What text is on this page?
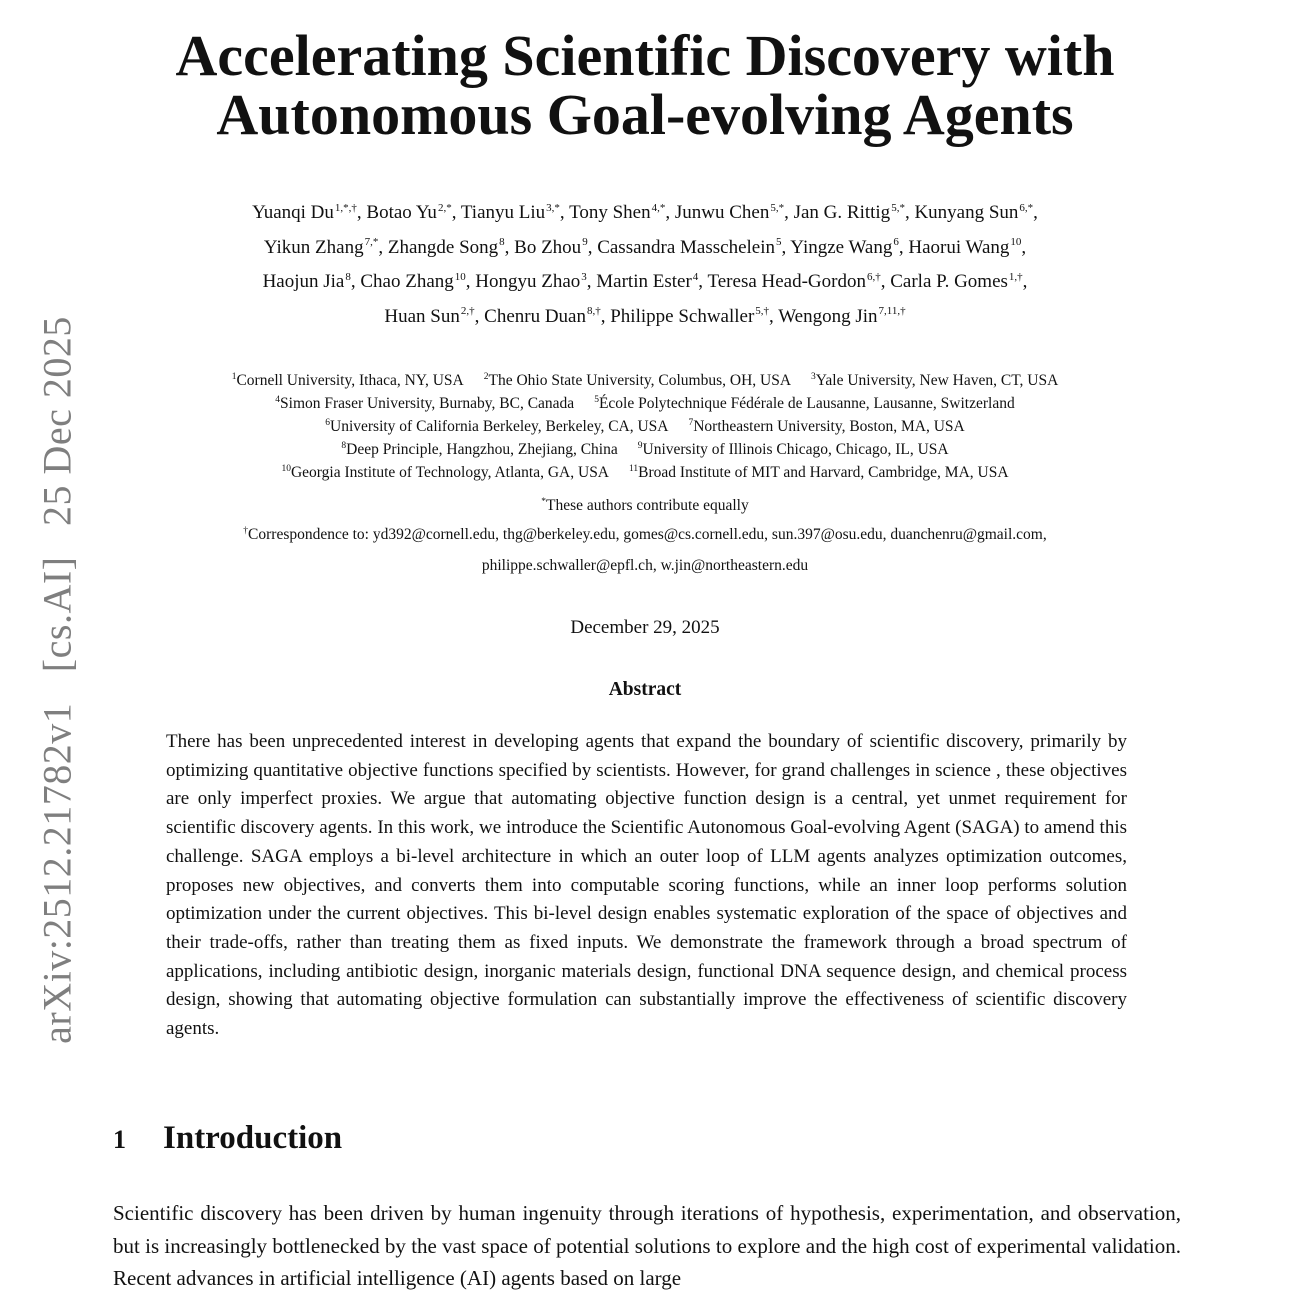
arXiv:2512.21782v1 [cs.AI] 25 Dec 2025
Accelerating Scientific Discovery with
Autonomous Goal-evolving Agents
Yuanqi $Du^{1,*,\dagger}$, Botao $Yu^{2,*}$, Tianyu Liu$^{3,*}$, Tony Shen$^{4,*}$, Junwu Chen$^{5,*}$, Jan G. Rittig$^{5,*}$, Kunyang Sun$^{6,*}$,
Yikun Zhang$^{7,*}$, Zhangde Song$^8$, Bo Zhou$^9$, Cassandra Masschelein$^5$, Yingze Wang$^6$, Haorui Wang$^{10}$,
Haojun Jia$^8$, Chao Zhang$^{10}$, Hongyu Zhao$^3$, Martin Ester$^4$, Teresa Head-Gordon$^{6,\dagger}$, Carla P. Gomes$^{1,\dagger}$,
Huan Sun$^{2,\dagger}$, Chenru Duan$^{8,\dagger}$, Philippe Schwaller$^{5,\dagger}$, Wengong Jin$^{7,11,\dagger}$
$^1$Cornell University, Ithaca, NY, USA $^2$The Ohio State University, Columbus, OH, USA $^3$Yale University, New Haven, CT, USA
$^4$Simon Fraser University, Burnaby, BC, Canada $^5$École Polytechnique Fédérale de Lausanne, Lausanne, Switzerland
$^6$University of California Berkeley, Berkeley, CA, USA $^7$Northeastern University, Boston, MA, USA
$^8$Deep Principle, Hangzhou, Zhejiang, China $^9$University of Illinois Chicago, Chicago, IL, USA
$^{10}$Georgia Institute of Technology, Atlanta, GA, USA $^{11}$Broad Institute of MIT and Harvard, Cambridge, MA, USA
*These authors contribute equally
†Correspondence to: yd392@cornell.edu, thg@berkeley.edu, gomes@cs.cornell.edu, sun.397@osu.edu, duanchenru@gmail.com,
philippe.schwaller@epfl.ch, w.jin@northeastern.edu
December 29, 2025
Abstract

There has been unprecedented interest in developing agents that expand the boundary of scientific discovery, primarily by optimizing quantitative objective functions specified by scientists. However, for grand challenges in science , these objectives are only imperfect proxies. We argue that automating objective function design is a central, yet unmet requirement for scientific discovery agents. In this work, we introduce the Scientific Autonomous Goal-evolving Agent (SAGA) to amend this challenge. SAGA employs a bi-level architecture in which an outer loop of LLM agents analyzes optimization outcomes, proposes new objectives, and converts them into computable scoring functions, while an inner loop performs solution optimization under the current objectives. This bi-level design enables systematic exploration of the space of objectives and their trade-offs, rather than treating them as fixed inputs. We demonstrate the framework through a broad spectrum of applications, including antibiotic design, inorganic materials design, functional DNA sequence design, and chemical process design, showing that automating objective formulation can substantially improve the effectiveness of scientific discovery agents.

1 Introduction

Scientific discovery has been driven by human ingenuity through iterations of hypothesis, experimentation, and observation, but is increasingly bottlenecked by the vast space of potential solutions to explore and the high cost of experimental validation. Recent advances in artificial intelligence (AI) agents based on large
